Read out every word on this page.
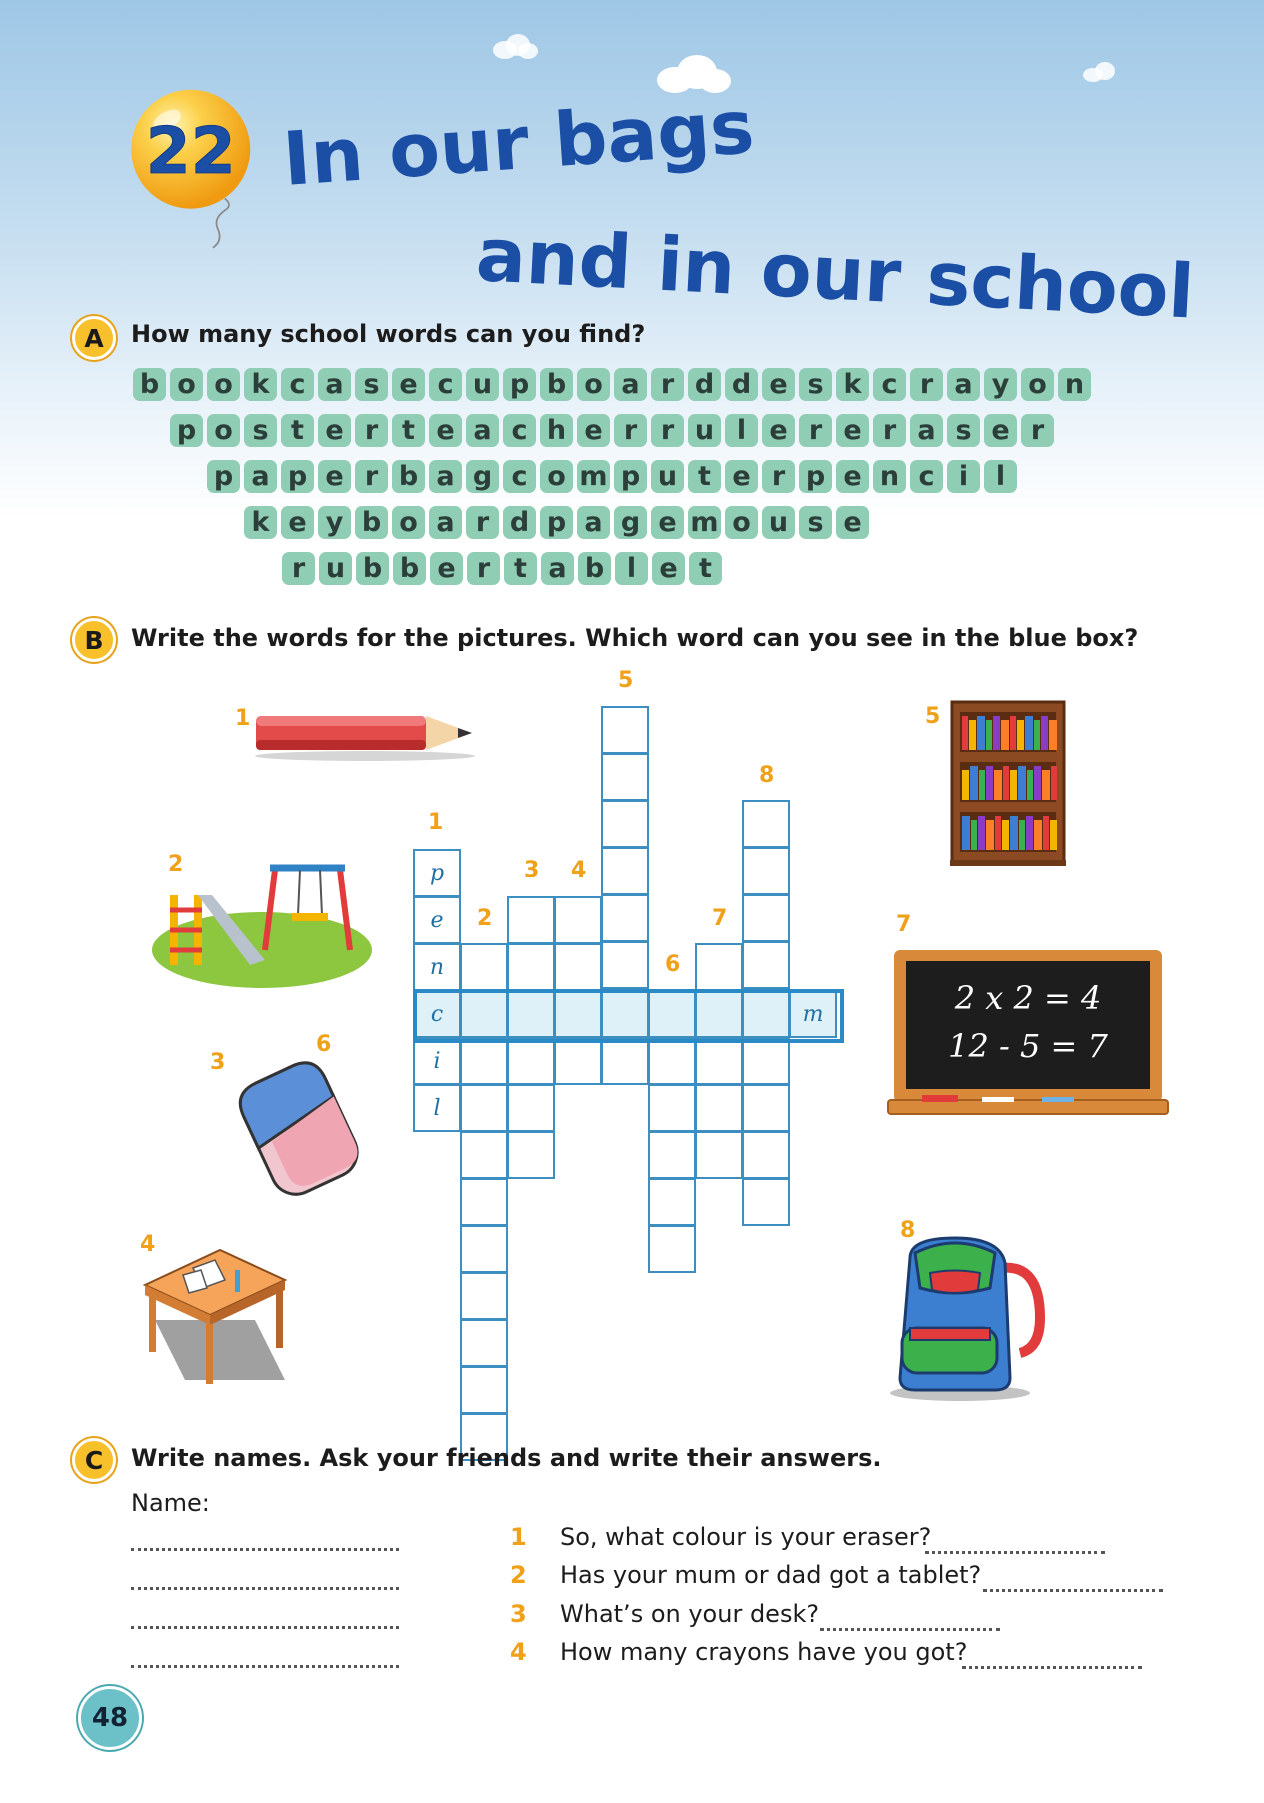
22 In our bags
and in our school
A	How many school words can you find?
b o o k c a s e c u p b o a r d d e s k c r a y o n
p o s t e r t e a c h e r r u l e r e r a s e r
p a p e r b a g c o m p u t e r p e n c i	l
k e y b o a r d p a g e m o u s e
r u b b e r t a b l e t
B	Write the words for the pictures. Which word can you see in the blue box?
p
e
n
c
i
l
m
1
2
3 4
5
6
7
8
1
2
3
6
4
5
7
8
2 x 2 = 4
12 - 5 = 7
C	Write names. Ask your friends and write their answers.
Name:
1 So, what colour is your eraser?
2 Has your mum or dad got a tablet?
3 What’s on your desk?
4 How many crayons have you got?
48
